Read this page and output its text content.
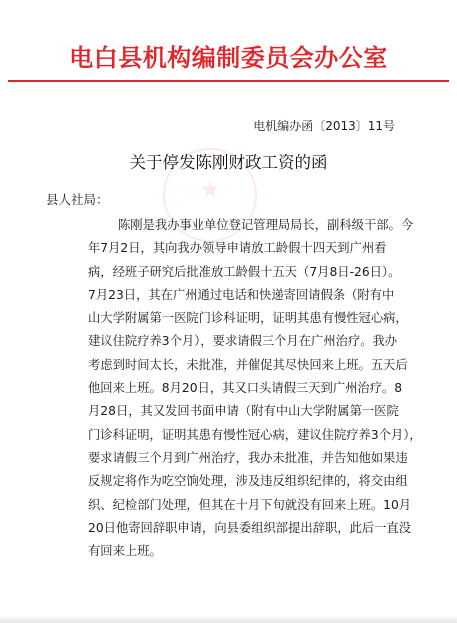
电白县机构编制委员会办公室
★
电机编办函〔2013〕11号
关于停发陈刚财政工资的函
县人社局：
陈刚是我办事业单位登记管理局局长，副科级干部。今
年7月2日，其向我办领导申请放工龄假十四天到广州看
病，经班子研究后批准放工龄假十五天（7月8日-26日）。
7月23日，其在广州通过电话和快递寄回请假条（附有中
山大学附属第一医院门诊科证明，证明其患有慢性冠心病，
建议住院疗养3个月），要求请假三个月在广州治疗。我办
考虑到时间太长，未批准，并催促其尽快回来上班。五天后
他回来上班。8月20日，其又口头请假三天到广州治疗。8
月28日，其又发回书面申请（附有中山大学附属第一医院
门诊科证明，证明其患有慢性冠心病，建议住院疗养3个月），
要求请假三个月到广州治疗，我办未批准，并告知他如果违
反规定将作为吃空饷处理，涉及违反组织纪律的，将交由组
织、纪检部门处理，但其在十月下旬就没有回来上班。10月
20日他寄回辞职申请，向县委组织部提出辞职，此后一直没
有回来上班。
